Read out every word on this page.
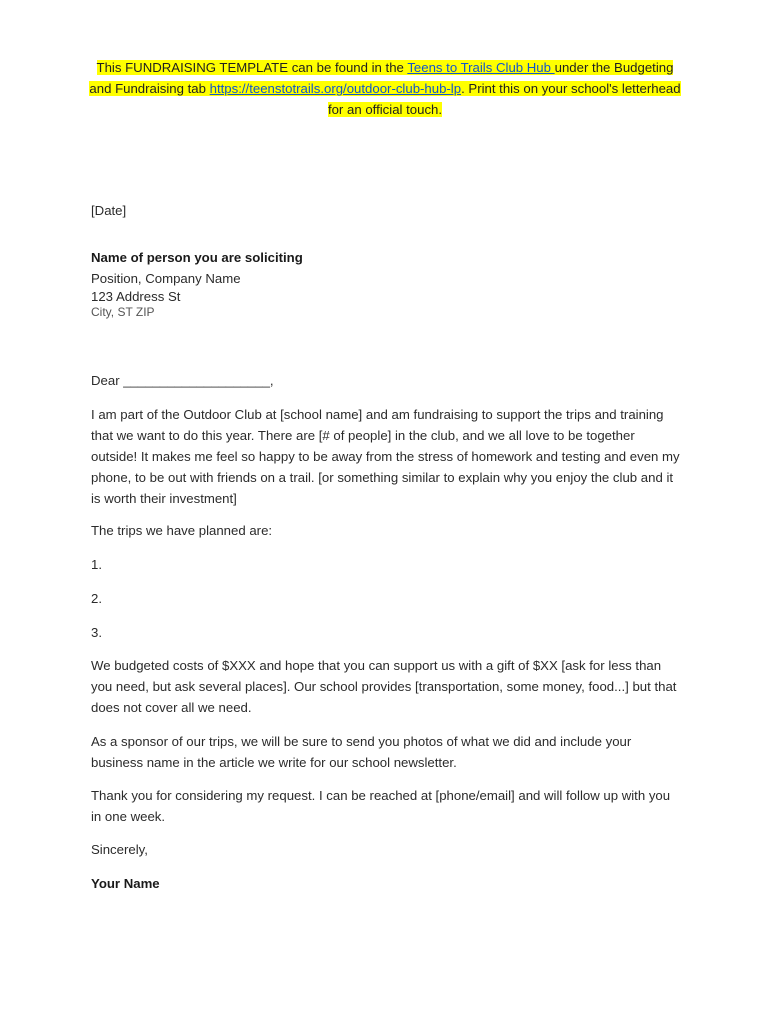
This FUNDRAISING TEMPLATE can be found in the Teens to Trails Club Hub under the Budgeting and Fundraising tab https://teenstotrails.org/outdoor-club-hub-lp. Print this on your school's letterhead for an official touch.
[Date]
Name of person you are soliciting
Position, Company Name
123 Address St
City, ST ZIP
Dear ____________________,
I am part of the Outdoor Club at [school name] and am fundraising to support the trips and training that we want to do this year. There are [# of people] in the club, and we all love to be together outside! It makes me feel so happy to be away from the stress of homework and testing and even my phone, to be out with friends on a trail. [or something similar to explain why you enjoy the club and it is worth their investment]
The trips we have planned are:
1.
2.
3.
We budgeted costs of $XXX and hope that you can support us with a gift of $XX [ask for less than you need, but ask several places]. Our school provides [transportation, some money, food...] but that does not cover all we need.
As a sponsor of our trips, we will be sure to send you photos of what we did and include your business name in the article we write for our school newsletter.
Thank you for considering my request. I can be reached at [phone/email] and will follow up with you in one week.
Sincerely,
Your Name
